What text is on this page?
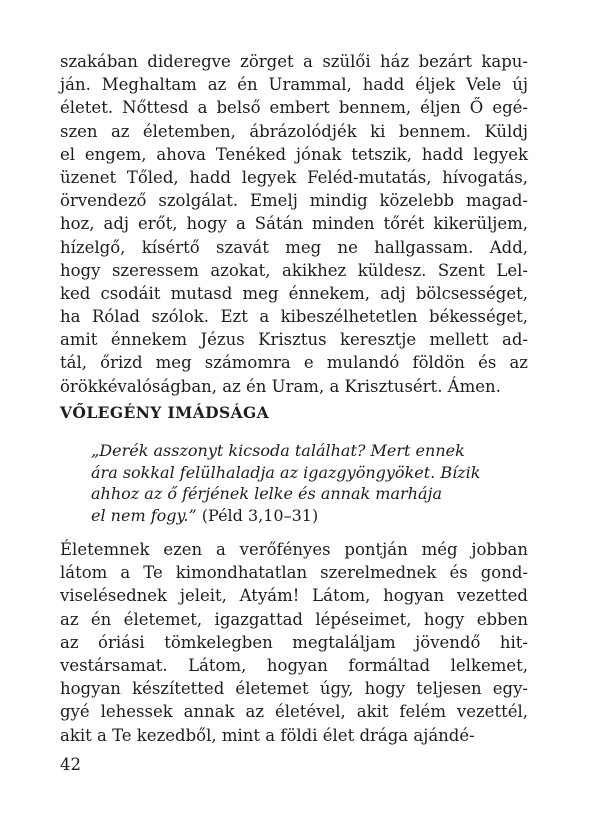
szakában dideregve zörget a szülői ház bezárt kapu-
ján. Meghaltam az én Urammal, hadd éljek Vele új
életet. Nőttesd a belső embert bennem, éljen Ő egé-
szen az életemben, ábrázolódjék ki bennem. Küldj
el engem, ahova Tenéked jónak tetszik, hadd legyek
üzenet Tőled, hadd legyek Feléd-mutatás, hívogatás,
örvendező szolgálat. Emelj mindig közelebb magad-
hoz, adj erőt, hogy a Sátán minden tőrét kikerüljem,
hízelgő, kísértő szavát meg ne hallgassam. Add,
hogy szeressem azokat, akikhez küldesz. Szent Lel-
ked csodáit mutasd meg énnekem, adj bölcsességet,
ha Rólad szólok. Ezt a kibeszélhetetlen békességet,
amit énnekem Jézus Krisztus keresztje mellett ad-
tál, őrizd meg számomra e mulandó földön és az
örökkévalóságban, az én Uram, a Krisztusért. Ámen.
VŐLEGÉNY IMÁDSÁGA
„Derék asszonyt kicsoda találhat? Mert ennek
ára sokkal felülhaladja az igazgyöngyöket. Bízik
ahhoz az ő férjének lelke és annak marhája
el nem fogy.” (Péld 3,10–31)
Életemnek ezen a verőfényes pontján még jobban
látom a Te kimondhatatlan szerelmednek és gond-
viselésednek jeleit, Atyám! Látom, hogyan vezetted
az én életemet, igazgattad lépéseimet, hogy ebben
az óriási tömkelegben megtaláljam jövendő hit-
vestársamat. Látom, hogyan formáltad lelkemet,
hogyan készítetted életemet úgy, hogy teljesen egy-
gyé lehessek annak az életével, akit felém vezettél,
akit a Te kezedből, mint a földi élet drága ajándé-
42
